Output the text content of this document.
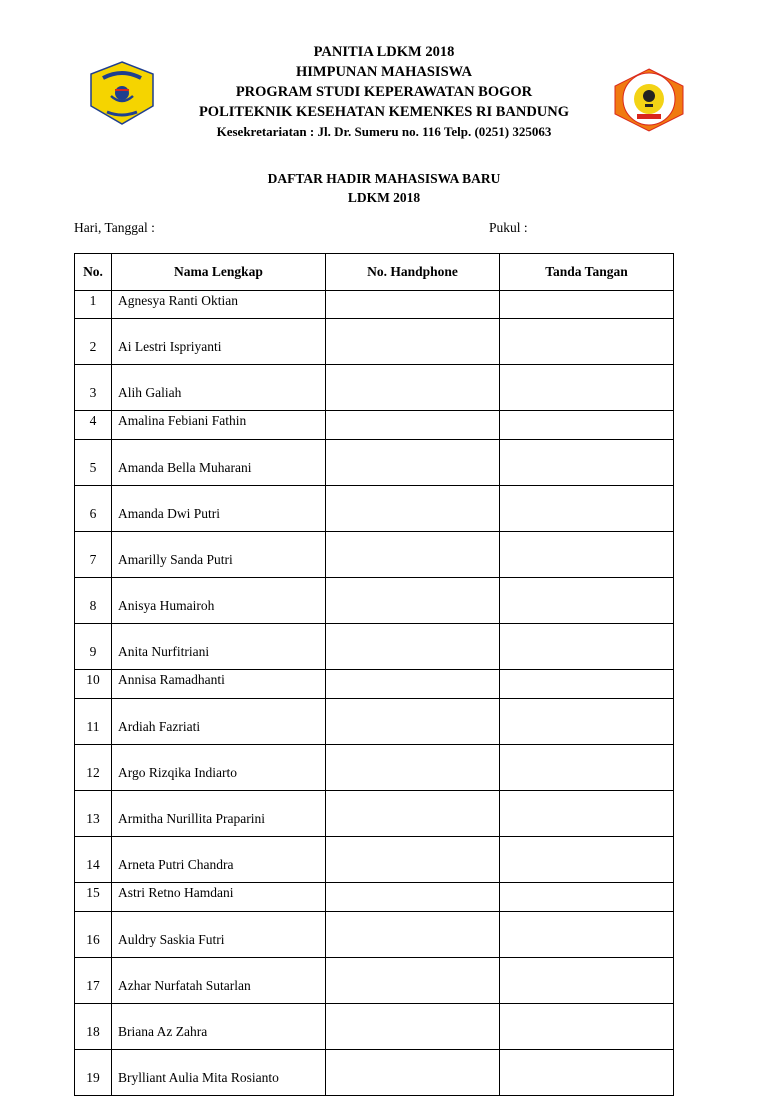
PANITIA LDKM 2018
HIMPUNAN MAHASISWA
PROGRAM STUDI KEPERAWATAN BOGOR
POLITEKNIK KESEHATAN KEMENKES RI BANDUNG
Kesekretariatan : Jl. Dr. Sumeru no. 116 Telp. (0251) 325063
DAFTAR HADIR MAHASISWA BARU
LDKM 2018
Hari, Tanggal :	Pukul :
No.	Nama Lengkap	No. Handphone	Tanda Tangan
1	Agnesya Ranti Oktian		
2	Ai Lestri Ispriyanti		
3	Alih Galiah		
4	Amalina Febiani Fathin		
5	Amanda Bella Muharani		
6	Amanda Dwi Putri		
7	Amarilly Sanda Putri		
8	Anisya Humairoh		
9	Anita Nurfitriani		
10	Annisa Ramadhanti		
11	Ardiah Fazriati		
12	Argo Rizqika Indiarto		
13	Armitha Nurillita Praparini		
14	Arneta Putri Chandra		
15	Astri Retno Hamdani		
16	Auldry Saskia Futri		
17	Azhar Nurfatah Sutarlan		
18	Briana Az Zahra		
19	Brylliant Aulia Mita Rosianto		
